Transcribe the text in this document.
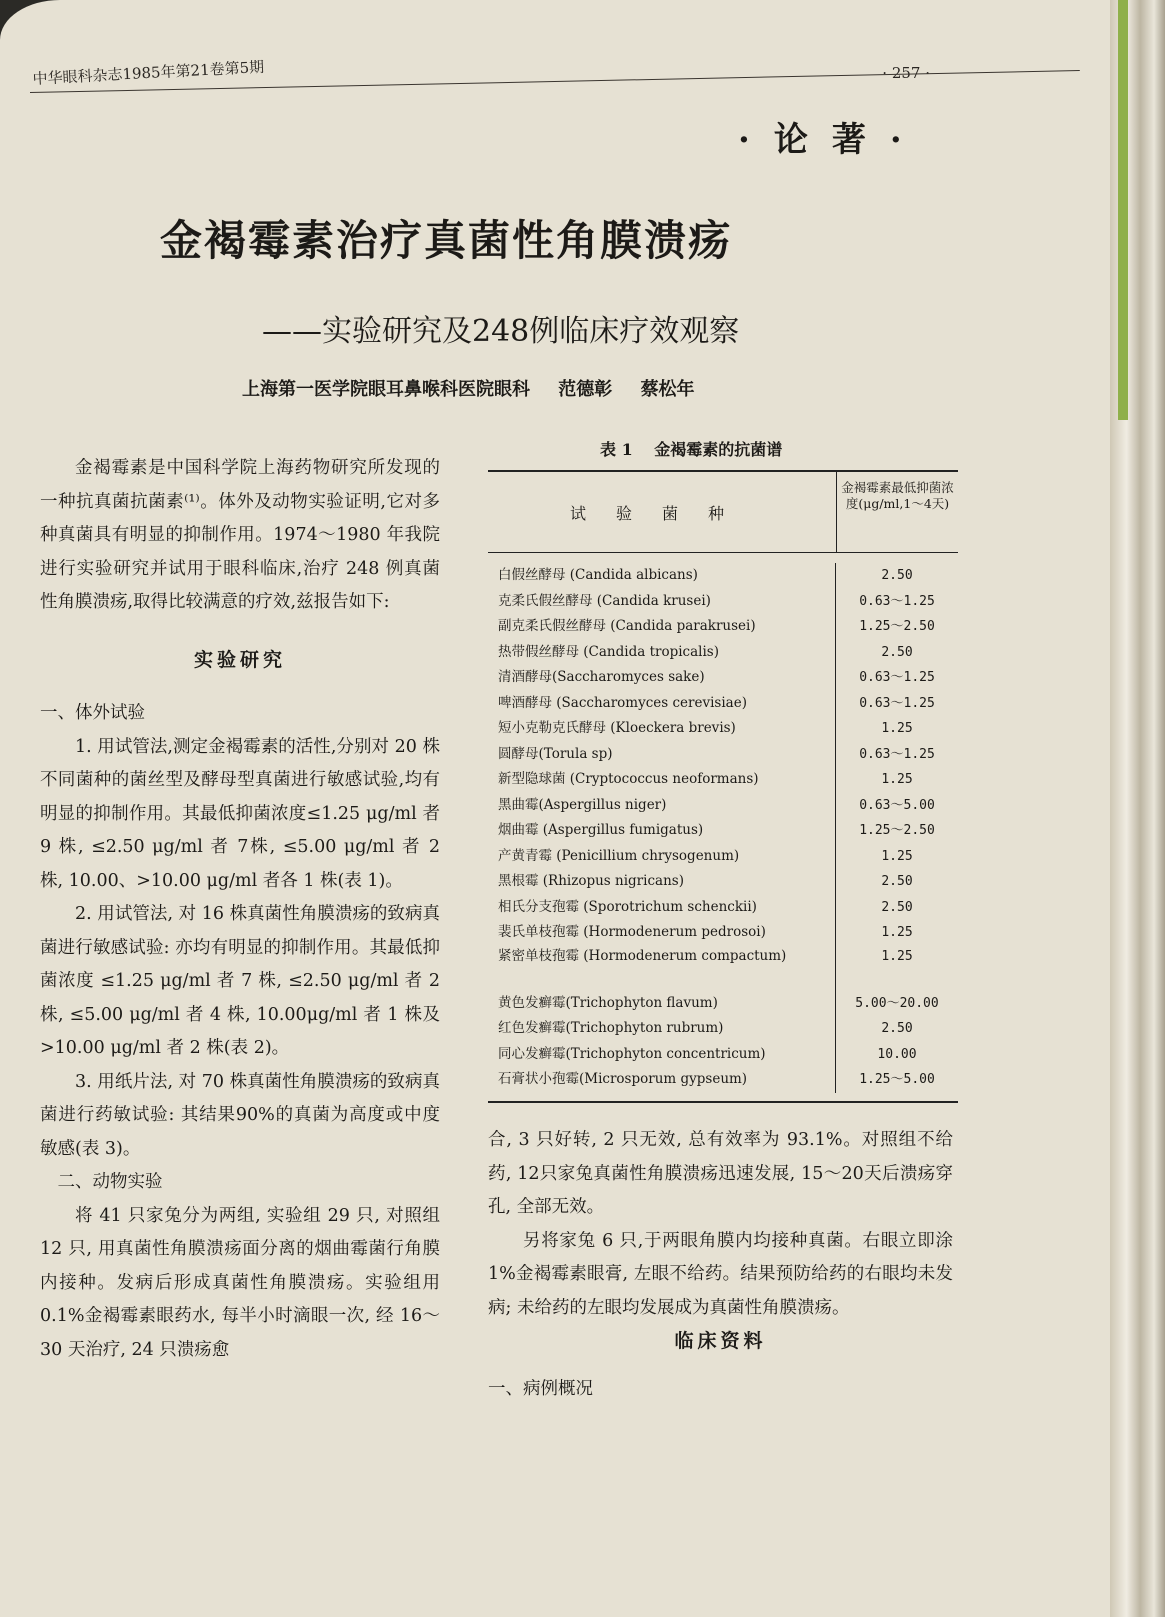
中华眼科杂志1985年第21卷第5期	· 257 ·
·论著·
金褐霉素治疗真菌性角膜溃疡
——实验研究及248例临床疗效观察
上海第一医学院眼耳鼻喉科医院眼科 范德彰 蔡松年

金褐霉素是中国科学院上海药物研究所发现的一种抗真菌抗菌素⁽¹⁾。体外及动物实验证明,它对多种真菌具有明显的抑制作用。1974～1980 年我院进行实验研究并试用于眼科临床,治疗 248 例真菌性角膜溃疡,取得比较满意的疗效,兹报告如下:

实验研究

一、体外试验

1. 用试管法,测定金褐霉素的活性,分别对 20 株不同菌种的菌丝型及酵母型真菌进行敏感试验,均有明显的抑制作用。其最低抑菌浓度≤1.25 μg/ml 者 9 株, ≤2.50 μg/ml 者 7株, ≤5.00 μg/ml 者 2 株, 10.00、>10.00 μg/ml 者各 1 株(表 1)。

2. 用试管法, 对 16 株真菌性角膜溃疡的致病真菌进行敏感试验: 亦均有明显的抑制作用。其最低抑菌浓度 ≤1.25 μg/ml 者 7 株, ≤2.50 μg/ml 者 2 株, ≤5.00 μg/ml 者 4 株, 10.00μg/ml 者 1 株及>10.00 μg/ml 者 2 株(表 2)。

3. 用纸片法, 对 70 株真菌性角膜溃疡的致病真菌进行药敏试验: 其结果90%的真菌为高度或中度敏感(表 3)。

二、动物实验

将 41 只家兔分为两组, 实验组 29 只, 对照组 12 只, 用真菌性角膜溃疡面分离的烟曲霉菌行角膜内接种。发病后形成真菌性角膜溃疡。实验组用 0.1%金褐霉素眼药水, 每半小时滴眼一次, 经 16～30 天治疗, 24 只溃疡愈

表 1 金褐霉素的抗菌谱
试验菌种
金褐霉素最低抑菌浓度(μg/ml,1～4天)
白假丝酵母 (Candida albicans)
克柔氏假丝酵母 (Candida krusei)
副克柔氏假丝酵母 (Candida parakrusei)
热带假丝酵母 (Candida tropicalis)
清酒酵母(Saccharomyces sake)
啤酒酵母 (Saccharomyces cerevisiae)
短小克勒克氏酵母 (Kloeckera brevis)
圆酵母(Torula sp)
新型隐球菌 (Cryptococcus neoformans)
黑曲霉(Aspergillus niger)
烟曲霉 (Aspergillus fumigatus)
产黄青霉 (Penicillium chrysogenum)
黑根霉 (Rhizopus nigricans)
相氏分支孢霉 (Sporotrichum schenckii)
裴氏单枝孢霉 (Hormodenerum pedrosoi)
紧密单枝孢霉 (Hormodenerum compactum)
黄色发癣霉(Trichophyton flavum)
红色发癣霉(Trichophyton rubrum)
同心发癣霉(Trichophyton concentricum)
石膏状小孢霉(Microsporum gypseum)
2.50
0.63～1.25
1.25～2.50
2.50
0.63～1.25
0.63～1.25
1.25
0.63～1.25
1.25
0.63～5.00
1.25～2.50
1.25
2.50
2.50
1.25
1.25
5.00～20.00
2.50
10.00
1.25～5.00

合, 3 只好转, 2 只无效, 总有效率为 93.1%。对照组不给药, 12只家兔真菌性角膜溃疡迅速发展, 15～20天后溃疡穿孔, 全部无效。

另将家兔 6 只,于两眼角膜内均接种真菌。右眼立即涂 1%金褐霉素眼膏, 左眼不给药。结果预防给药的右眼均未发病; 未给药的左眼均发展成为真菌性角膜溃疡。

临床资料

一、病例概况
